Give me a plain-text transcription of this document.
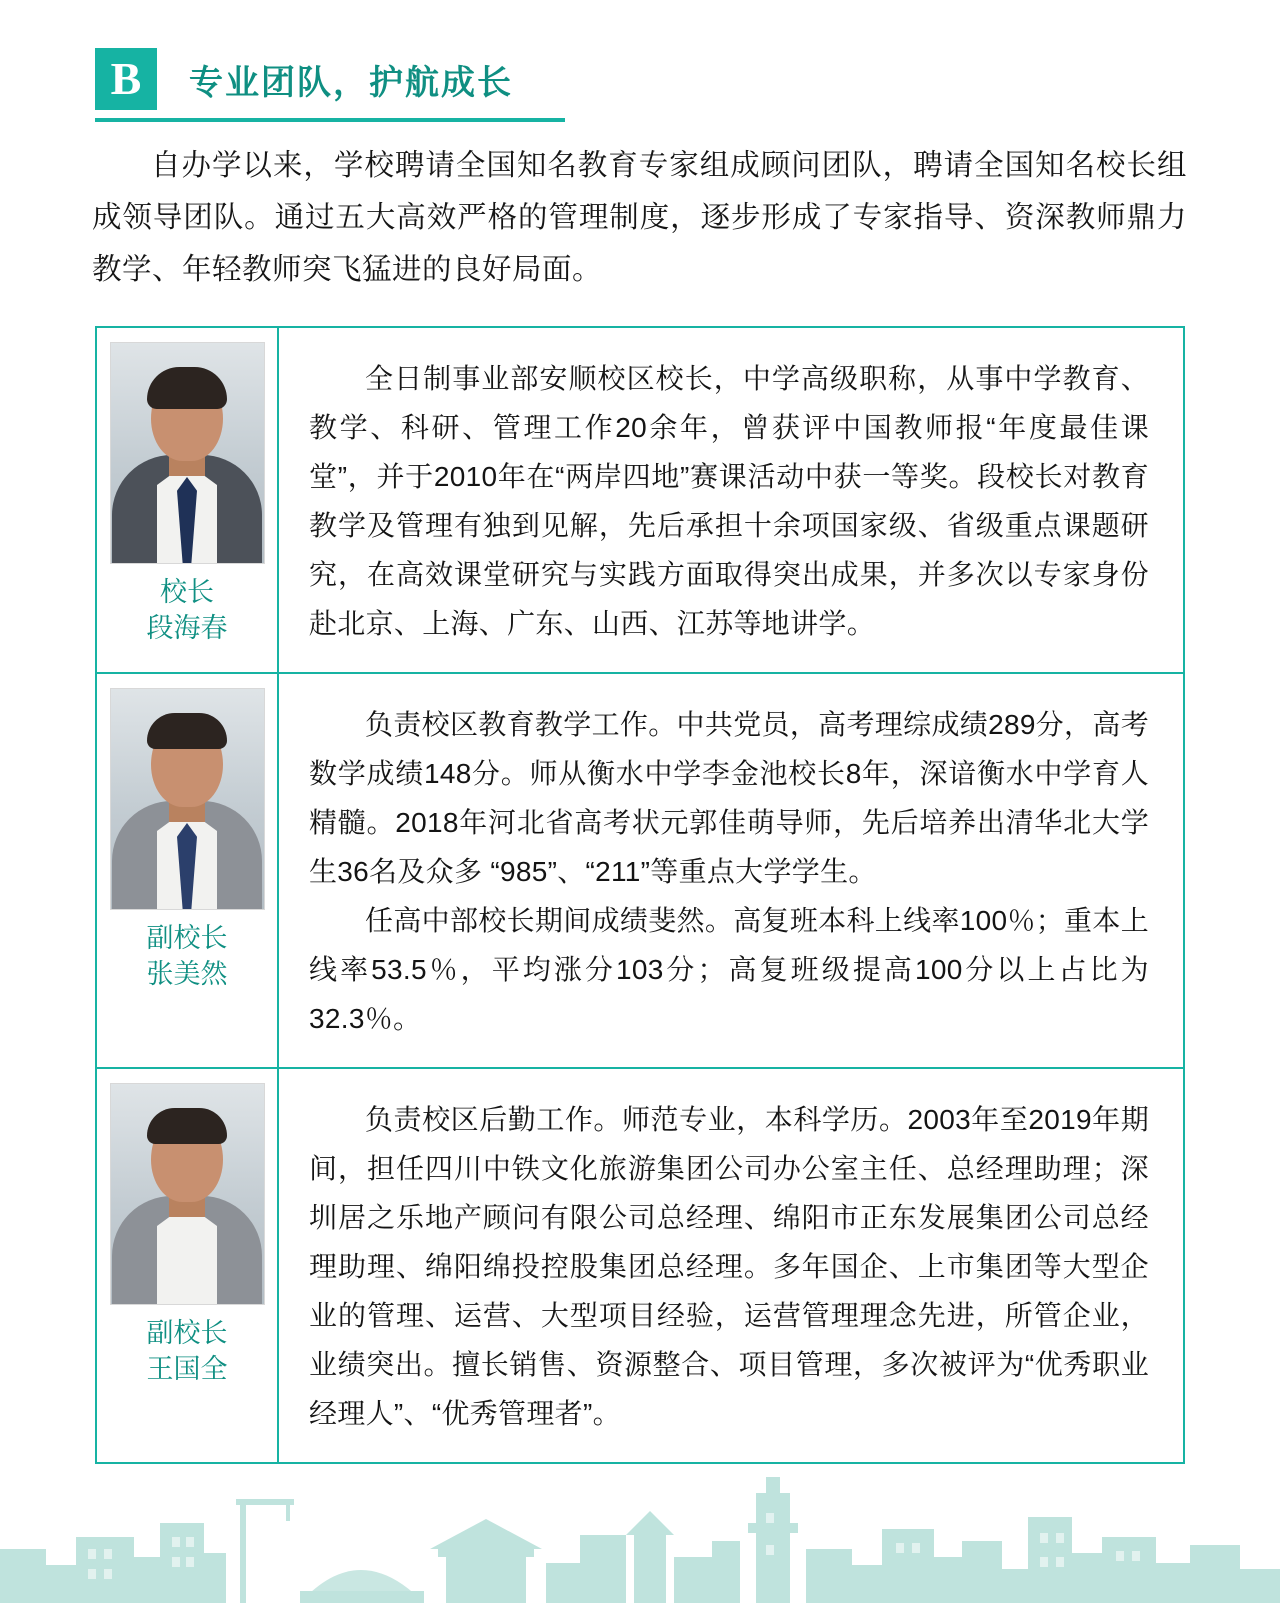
B	专业团队，护航成长
自办学以来，学校聘请全国知名教育专家组成顾问团队，聘请全国知名校长组成领导团队。通过五大高效严格的管理制度，逐步形成了专家指导、资深教师鼎力教学、年轻教师突飞猛进的良好局面。
校长
段海春

全日制事业部安顺校区校长，中学高级职称，从事中学教育、教学、科研、管理工作20余年，曾获评中国教师报“年度最佳课堂”，并于2010年在“两岸四地”赛课活动中获一等奖。段校长对教育教学及管理有独到见解，先后承担十余项国家级、省级重点课题研究，在高效课堂研究与实践方面取得突出成果，并多次以专家身份赴北京、上海、广东、山西、江苏等地讲学。

副校长
张美然

负责校区教育教学工作。中共党员，高考理综成绩289分，高考数学成绩148分。师从衡水中学李金池校长8年，深谙衡水中学育人精髓。2018年河北省高考状元郭佳萌导师，先后培养出清华北大学生36名及众多 “985”、“211”等重点大学学生。

任高中部校长期间成绩斐然。高复班本科上线率100％；重本上线率53.5％，平均涨分103分；高复班级提高100分以上占比为32.3％。

副校长
王国全

负责校区后勤工作。师范专业，本科学历。2003年至2019年期间，担任四川中铁文化旅游集团公司办公室主任、总经理助理；深圳居之乐地产顾问有限公司总经理、绵阳市正东发展集团公司总经理助理、绵阳绵投控股集团总经理。多年国企、上市集团等大型企业的管理、运营、大型项目经验，运营管理理念先进，所管企业，业绩突出。擅长销售、资源整合、项目管理，多次被评为“优秀职业经理人”、“优秀管理者”。
